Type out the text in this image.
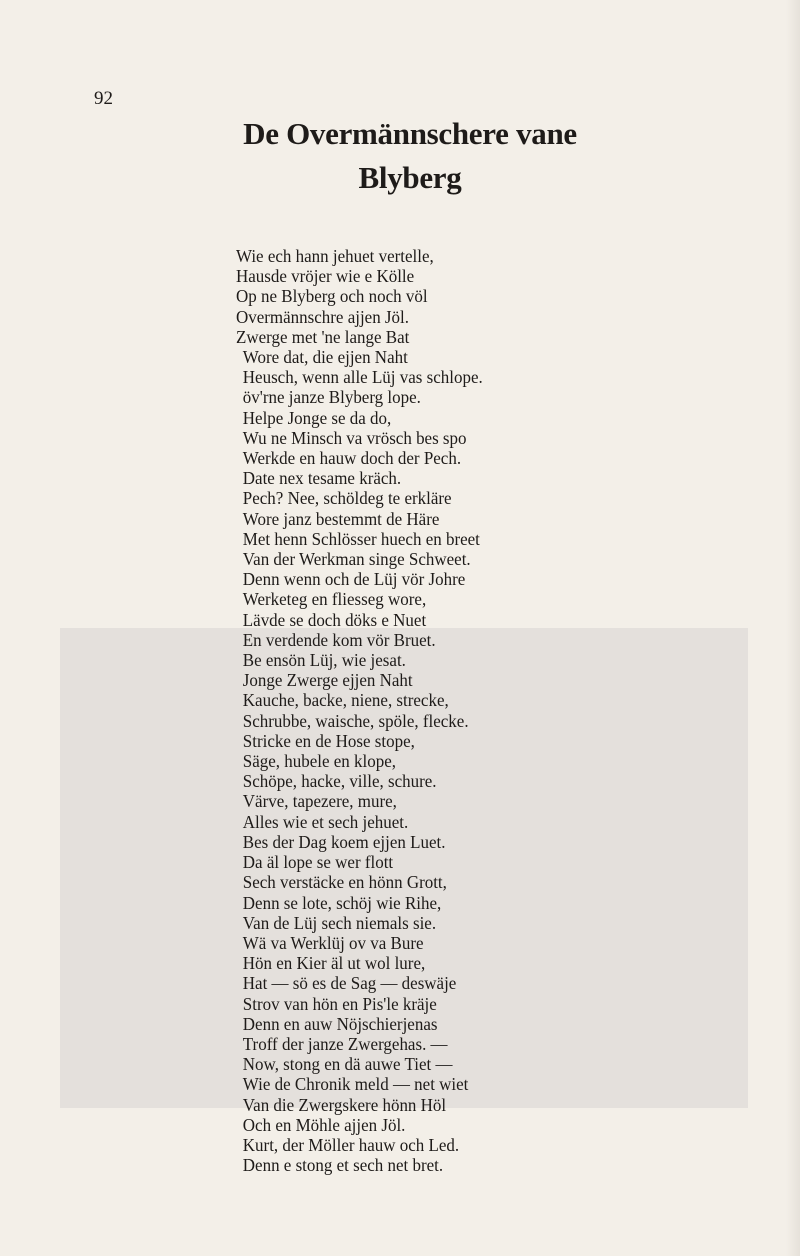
92
De Overmännschere vane
Blyberg
Wie ech hann jehuet vertelle,
Hausde vröjer wie e Kölle
Op ne Blyberg och noch völ
Overmännschre ajjen Jöl.
Zwerge met 'ne lange Bat
Wore dat, die ejjen Naht
Heusch, wenn alle Lüj vas schlope.
öv'rne janze Blyberg lope.
Helpe Jonge se da do,
Wu ne Minsch va vrösch bes spo
Werkde en hauw doch der Pech.
Date nex tesame kräch.
Pech? Nee, schöldeg te erkläre
Wore janz bestemmt de Häre
Met henn Schlösser huech en breet
Van der Werkman singe Schweet.
Denn wenn och de Lüj vör Johre
Werketeg en fliesseg wore,
Lävde se doch döks e Nuet
En verdende kom vör Bruet.
Be ensön Lüj, wie jesat.
Jonge Zwerge ejjen Naht
Kauche, backe, niene, strecke,
Schrubbe, waische, spöle, flecke.
Stricke en de Hose stope,
Säge, hubele en klope,
Schöpe, hacke, ville, schure.
Värve, tapezere, mure,
Alles wie et sech jehuet.
Bes der Dag koem ejjen Luet.
Da äl lope se wer flott
Sech verstäcke en hönn Grott,
Denn se lote, schöj wie Rihe,
Van de Lüj sech niemals sie.
Wä va Werklüj ov va Bure
Hön en Kier äl ut wol lure,
Hat — sö es de Sag — deswäje
Strov van hön en Pis'le kräje
Denn en auw Nöjschierjenas
Troff der janze Zwergehas. —
Now, stong en dä auwe Tiet —
Wie de Chronik meld — net wiet
Van die Zwergskere hönn Höl
Och en Möhle ajjen Jöl.
Kurt, der Möller hauw och Led.
Denn e stong et sech net bret.
